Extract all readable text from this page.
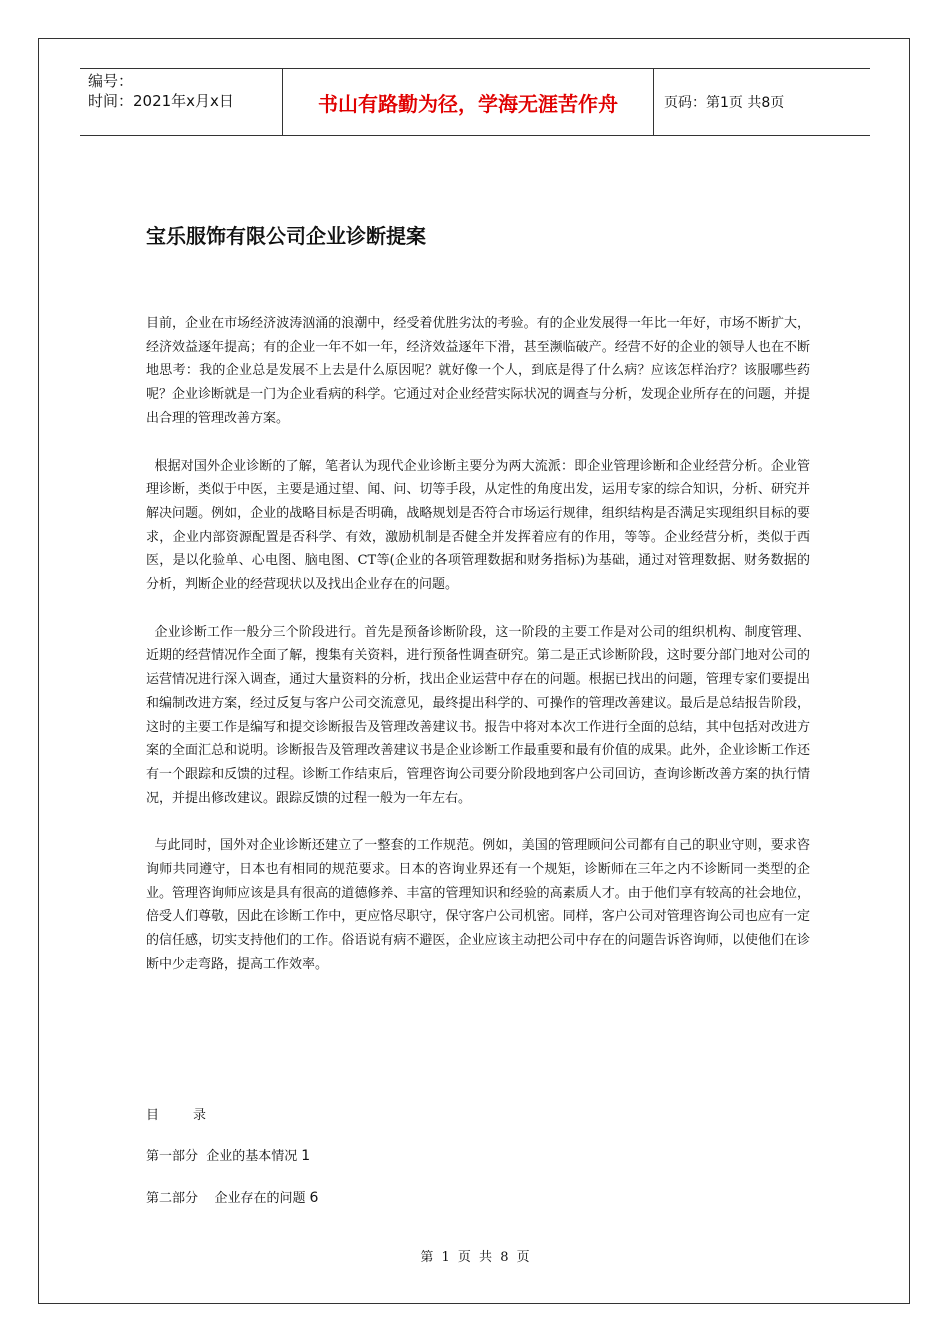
编号：
时间：2021年x月x日	书山有路勤为径，学海无涯苦作舟	页码：第1页 共8页
宝乐服饰有限公司企业诊断提案

目前，企业在市场经济波涛汹涌的浪潮中，经受着优胜劣汰的考验。有的企业发展得一年比一年好，市场不断扩大，经济效益逐年提高；有的企业一年不如一年，经济效益逐年下滑，甚至濒临破产。经营不好的企业的领导人也在不断地思考：我的企业总是发展不上去是什么原因呢？就好像一个人，到底是得了什么病？应该怎样治疗？该服哪些药呢？企业诊断就是一门为企业看病的科学。它通过对企业经营实际状况的调查与分析，发现企业所存在的问题，并提出合理的管理改善方案。

根据对国外企业诊断的了解，笔者认为现代企业诊断主要分为两大流派：即企业管理诊断和企业经营分析。企业管理诊断，类似于中医，主要是通过望、闻、问、切等手段，从定性的角度出发，运用专家的综合知识，分析、研究并解决问题。例如，企业的战略目标是否明确，战略规划是否符合市场运行规律，组织结构是否满足实现组织目标的要求，企业内部资源配置是否科学、有效，激励机制是否健全并发挥着应有的作用，等等。企业经营分析，类似于西医，是以化验单、心电图、脑电图、CT等(企业的各项管理数据和财务指标)为基础，通过对管理数据、财务数据的分析，判断企业的经营现状以及找出企业存在的问题。

企业诊断工作一般分三个阶段进行。首先是预备诊断阶段，这一阶段的主要工作是对公司的组织机构、制度管理、近期的经营情况作全面了解，搜集有关资料，进行预备性调查研究。第二是正式诊断阶段，这时要分部门地对公司的运营情况进行深入调查，通过大量资料的分析，找出企业运营中存在的问题。根据已找出的问题，管理专家们要提出和编制改进方案，经过反复与客户公司交流意见，最终提出科学的、可操作的管理改善建议。最后是总结报告阶段，这时的主要工作是编写和提交诊断报告及管理改善建议书。报告中将对本次工作进行全面的总结，其中包括对改进方案的全面汇总和说明。诊断报告及管理改善建议书是企业诊断工作最重要和最有价值的成果。此外，企业诊断工作还有一个跟踪和反馈的过程。诊断工作结束后，管理咨询公司要分阶段地到客户公司回访，查询诊断改善方案的执行情况，并提出修改建议。跟踪反馈的过程一般为一年左右。

与此同时，国外对企业诊断还建立了一整套的工作规范。例如，美国的管理顾问公司都有自己的职业守则，要求咨询师共同遵守，日本也有相同的规范要求。日本的咨询业界还有一个规矩，诊断师在三年之内不诊断同一类型的企业。管理咨询师应该是具有很高的道德修养、丰富的管理知识和经验的高素质人才。由于他们享有较高的社会地位，倍受人们尊敬，因此在诊断工作中，更应恪尽职守，保守客户公司机密。同样，客户公司对管理咨询公司也应有一定的信任感，切实支持他们的工作。俗语说有病不避医，企业应该主动把公司中存在的问题告诉咨询师，以使他们在诊断中少走弯路，提高工作效率。

目录
第一部分  企业的基本情况 1
第二部分    企业存在的问题 6
第 1 页 共 8 页
